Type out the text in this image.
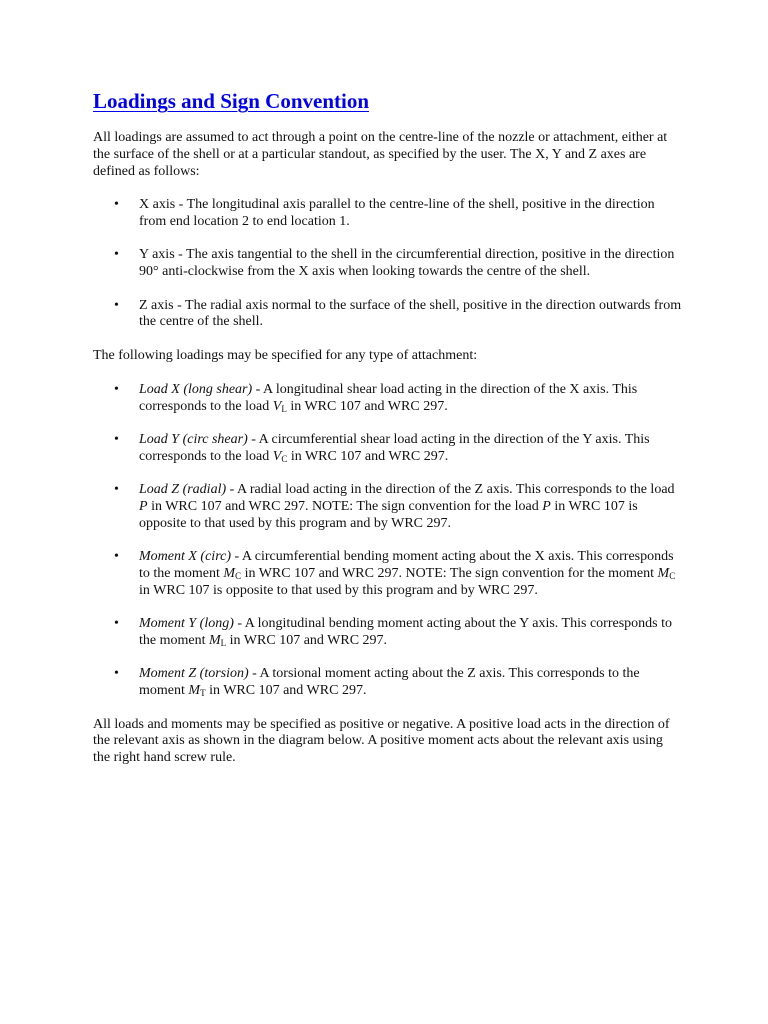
Loadings and Sign Convention

All loadings are assumed to act through a point on the centre-line of the nozzle or attachment, either at the surface of the shell or at a particular standout, as specified by the user. The X, Y and Z axes are defined as follows:

• X axis - The longitudinal axis parallel to the centre-line of the shell, positive in the direction from end location 2 to end location 1.
• Y axis - The axis tangential to the shell in the circumferential direction, positive in the direction 90° anti-clockwise from the X axis when looking towards the centre of the shell.
• Z axis - The radial axis normal to the surface of the shell, positive in the direction outwards from the centre of the shell.

The following loadings may be specified for any type of attachment:

• Load X (long shear) - A longitudinal shear load acting in the direction of the X axis. This corresponds to the load $V_L$ in WRC 107 and WRC 297.
• Load Y (circ shear) - A circumferential shear load acting in the direction of the Y axis. This corresponds to the load $V_C$ in WRC 107 and WRC 297.
• Load Z (radial) - A radial load acting in the direction of the Z axis. This corresponds to the load P in WRC 107 and WRC 297. NOTE: The sign convention for the load P in WRC 107 is opposite to that used by this program and by WRC 297.
• Moment X (circ) - A circumferential bending moment acting about the X axis. This corresponds to the moment $M_C$ in WRC 107 and WRC 297. NOTE: The sign convention for the moment $M_C$ in WRC 107 is opposite to that used by this program and by WRC 297.
• Moment Y (long) - A longitudinal bending moment acting about the Y axis. This corresponds to the moment $M_L$ in WRC 107 and WRC 297.
• Moment Z (torsion) - A torsional moment acting about the Z axis. This corresponds to the moment $M_T$ in WRC 107 and WRC 297.

All loads and moments may be specified as positive or negative. A positive load acts in the direction of the relevant axis as shown in the diagram below. A positive moment acts about the relevant axis using the right hand screw rule.
